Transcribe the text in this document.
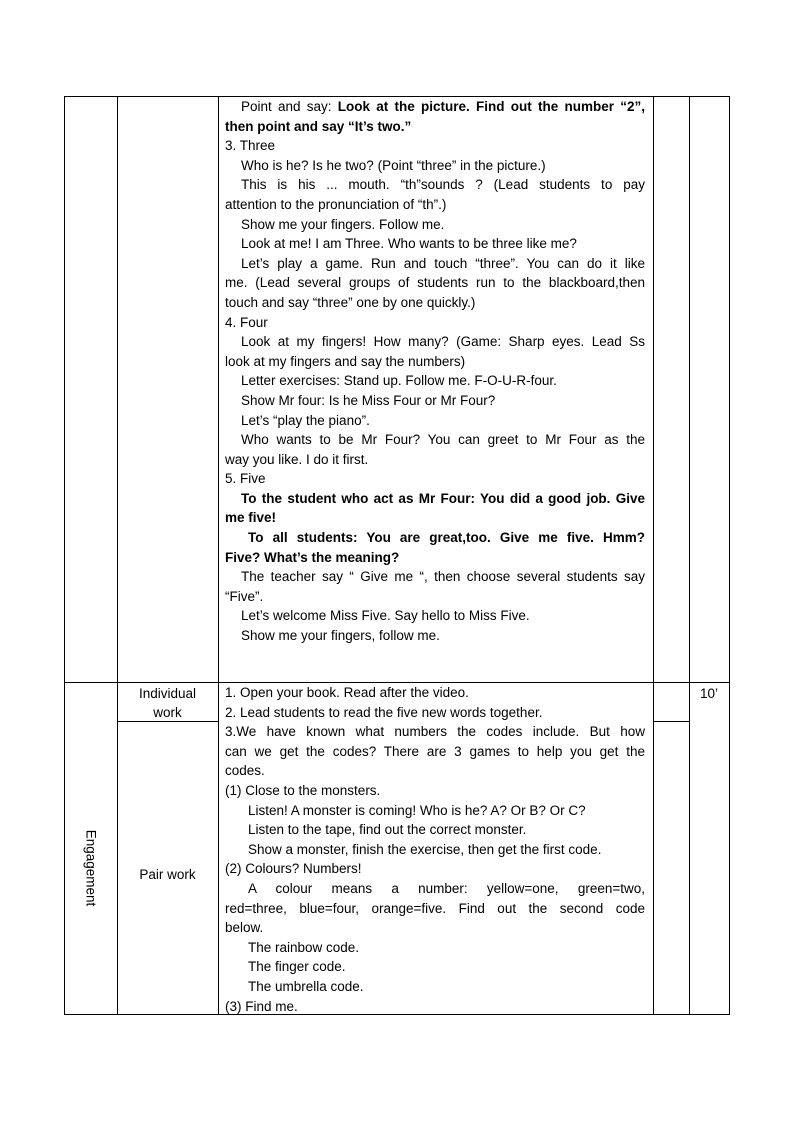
Point and say: Look at the picture. Find out the number “2”,
then point and say “It’s two.”
3. Three
Who is he? Is he two? (Point “three” in the picture.)
This is his ... mouth. “th”sounds ? (Lead students to pay
attention to the pronunciation of “th”.)
Show me your fingers. Follow me.
Look at me! I am Three. Who wants to be three like me?
Let’s play a game. Run and touch “three”. You can do it like
me. (Lead several groups of students run to the blackboard,then
touch and say “three” one by one quickly.)
4. Four
Look at my fingers! How many? (Game: Sharp eyes. Lead Ss
look at my fingers and say the numbers)
Letter exercises: Stand up. Follow me. F-O-U-R-four.
Show Mr four: Is he Miss Four or Mr Four?
Let’s “play the piano”.
Who wants to be Mr Four? You can greet to Mr Four as the
way you like. I do it first.
5. Five
To the student who act as Mr Four: You did a good job. Give
me five!
To all students: You are great,too. Give me five. Hmm?
Five? What’s the meaning?
The teacher say “ Give me “, then choose several students say
“Five”.
Let’s welcome Miss Five. Say hello to Miss Five.
Show me your fingers, follow me.
Engagement
Individual
work
Pair work
10’
1. Open your book. Read after the video.
2. Lead students to read the five new words together.
3.We have known what numbers the codes include. But how
can we get the codes? There are 3 games to help you get the
codes.
(1) Close to the monsters.
Listen! A monster is coming! Who is he? A? Or B? Or C?
Listen to the tape, find out the correct monster.
Show a monster, finish the exercise, then get the first code.
(2) Colours? Numbers!
A colour means a number: yellow=one, green=two,
red=three, blue=four, orange=five. Find out the second code
below.
The rainbow code.
The finger code.
The umbrella code.
(3) Find me.
